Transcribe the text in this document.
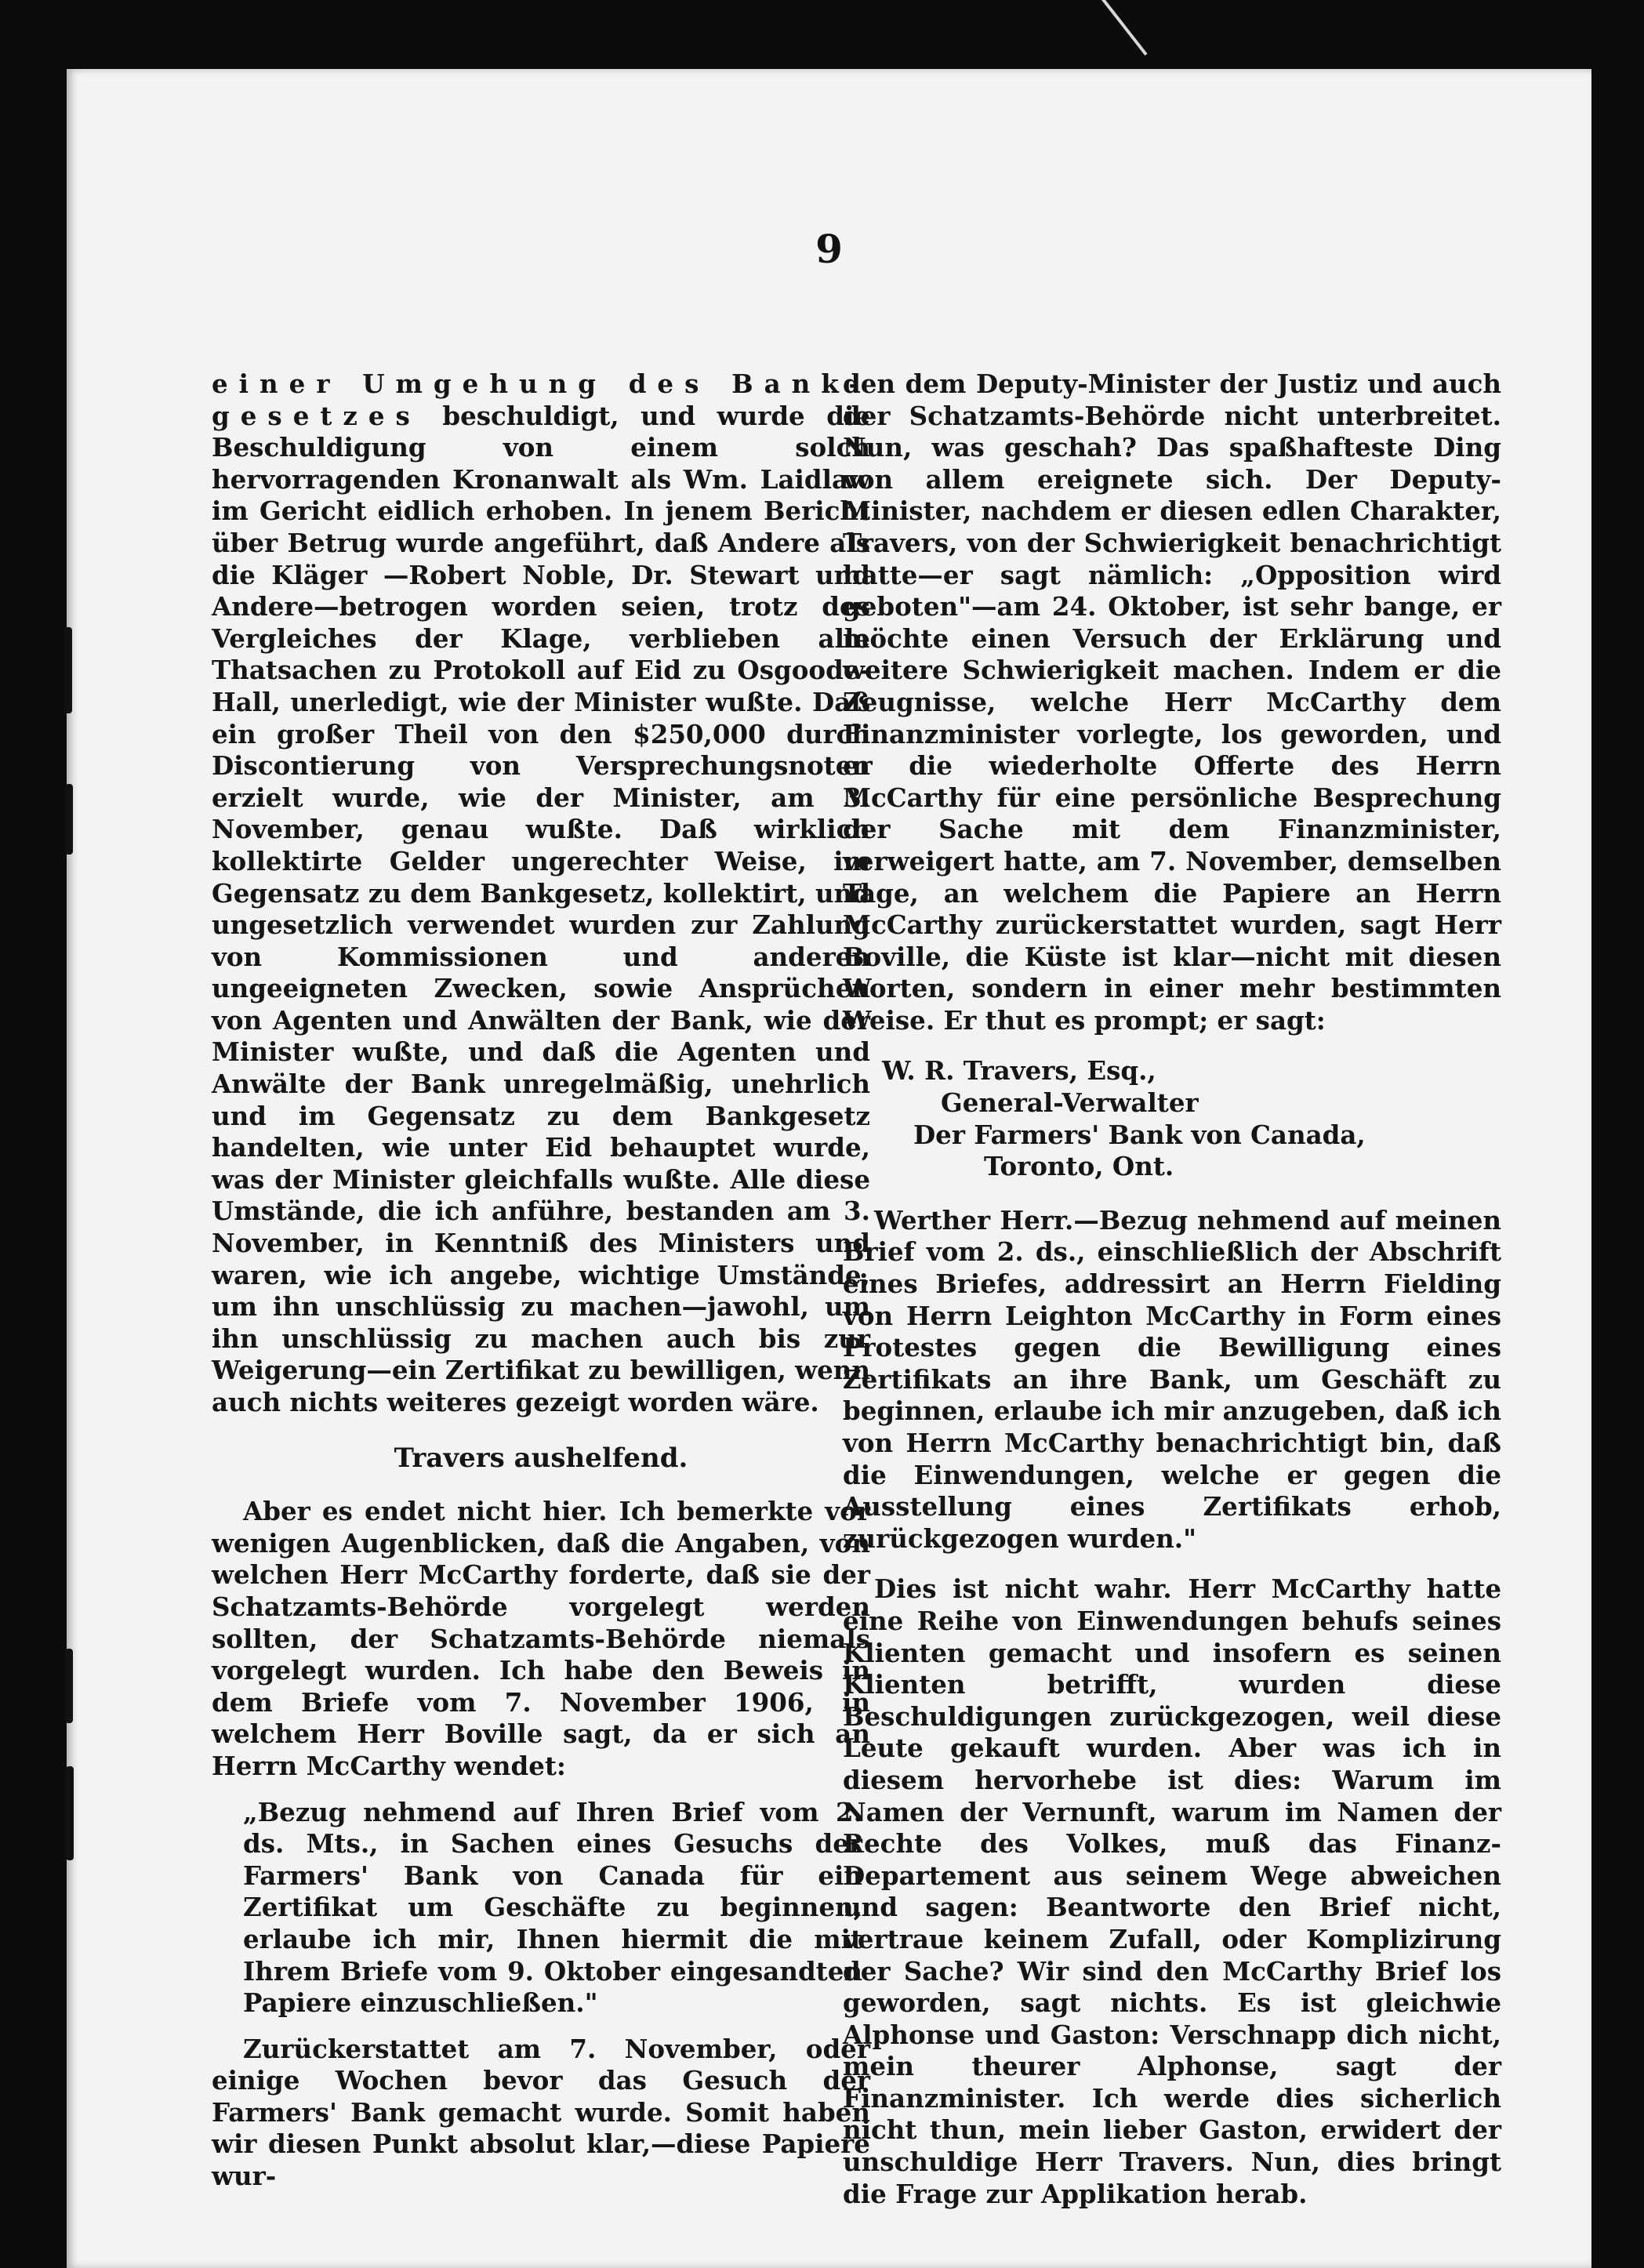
9

einer Umgehung des Bank-gesetzes beschuldigt, und wurde die Beschuldigung von einem solch hervorragenden Kronanwalt als Wm. Laidlaw im Gericht eidlich erhoben. In jenem Bericht über Betrug wurde angeführt, daß Andere als die Kläger —Robert Noble, Dr. Stewart und Andere—betrogen worden seien, trotz des Vergleiches der Klage, verblieben alle Thatsachen zu Protokoll auf Eid zu Osgoode-Hall, unerledigt, wie der Minister wußte. Daß ein großer Theil von den $250,000 durch Discontierung von Versprechungsnoten erzielt wurde, wie der Minister, am 3. November, genau wußte. Daß wirklich kollektirte Gelder ungerechter Weise, im Gegensatz zu dem Bankgesetz, kollektirt, und ungesetzlich verwendet wurden zur Zahlung von Kommissionen und anderen ungeeigneten Zwecken, sowie Ansprüchen von Agenten und Anwälten der Bank, wie der Minister wußte, und daß die Agenten und Anwälte der Bank unregelmäßig, unehrlich und im Gegensatz zu dem Bankgesetz handelten, wie unter Eid behauptet wurde, was der Minister gleichfalls wußte. Alle diese Umstände, die ich anführe, bestanden am 3. November, in Kenntniß des Ministers und waren, wie ich angebe, wichtige Umstände, um ihn unschlüssig zu machen—jawohl, um ihn unschlüssig zu machen auch bis zur Weigerung—ein Zertifikat zu bewilligen, wenn auch nichts weiteres gezeigt worden wäre.

Travers aushelfend.

Aber es endet nicht hier. Ich bemerkte vor wenigen Augenblicken, daß die Angaben, von welchen Herr McCarthy forderte, daß sie der Schatzamts-Behörde vorgelegt werden sollten, der Schatzamts-Behörde niemals vorgelegt wurden. Ich habe den Beweis in dem Briefe vom 7. November 1906, in welchem Herr Boville sagt, da er sich an Herrn McCarthy wendet:

„Bezug nehmend auf Ihren Brief vom 2. ds. Mts., in Sachen eines Gesuchs der Farmers' Bank von Canada für ein Zertifikat um Geschäfte zu beginnen, erlaube ich mir, Ihnen hiermit die mit Ihrem Briefe vom 9. Oktober eingesandten Papiere einzuschließen."

Zurückerstattet am 7. November, oder einige Wochen bevor das Gesuch der Farmers' Bank gemacht wurde. Somit haben wir diesen Punkt absolut klar,—diese Papiere wur-

den dem Deputy-Minister der Justiz und auch der Schatzamts-Behörde nicht unterbreitet. Nun, was geschah? Das spaßhafteste Ding von allem ereignete sich. Der Deputy-Minister, nachdem er diesen edlen Charakter, Travers, von der Schwierigkeit benachrichtigt hatte—er sagt nämlich: „Opposition wird geboten"—am 24. Oktober, ist sehr bange, er möchte einen Versuch der Erklärung und weitere Schwierigkeit machen. Indem er die Zeugnisse, welche Herr McCarthy dem Finanzminister vorlegte, los geworden, und er die wiederholte Offerte des Herrn McCarthy für eine persönliche Besprechung der Sache mit dem Finanzminister, verweigert hatte, am 7. November, demselben Tage, an welchem die Papiere an Herrn McCarthy zurückerstattet wurden, sagt Herr Boville, die Küste ist klar—nicht mit diesen Worten, sondern in einer mehr bestimmten Weise. Er thut es prompt; er sagt:

W. R. Travers, Esq.,
General-Verwalter
Der Farmers' Bank von Canada,
Toronto, Ont.

Werther Herr.—Bezug nehmend auf meinen Brief vom 2. ds., einschließlich der Abschrift eines Briefes, addressirt an Herrn Fielding von Herrn Leighton McCarthy in Form eines Protestes gegen die Bewilligung eines Zertifikats an ihre Bank, um Geschäft zu beginnen, erlaube ich mir anzugeben, daß ich von Herrn McCarthy benachrichtigt bin, daß die Einwendungen, welche er gegen die Ausstellung eines Zertifikats erhob, zurückgezogen wurden."

Dies ist nicht wahr. Herr McCarthy hatte eine Reihe von Einwendungen behufs seines Klienten gemacht und insofern es seinen Klienten betrifft, wurden diese Beschuldigungen zurückgezogen, weil diese Leute gekauft wurden. Aber was ich in diesem hervorhebe ist dies: Warum im Namen der Vernunft, warum im Namen der Rechte des Volkes, muß das Finanz-Departement aus seinem Wege abweichen und sagen: Beantworte den Brief nicht, vertraue keinem Zufall, oder Komplizirung der Sache? Wir sind den McCarthy Brief los geworden, sagt nichts. Es ist gleichwie Alphonse und Gaston: Verschnapp dich nicht, mein theurer Alphonse, sagt der Finanzminister. Ich werde dies sicherlich nicht thun, mein lieber Gaston, erwidert der unschuldige Herr Travers. Nun, dies bringt die Frage zur Applikation herab.
